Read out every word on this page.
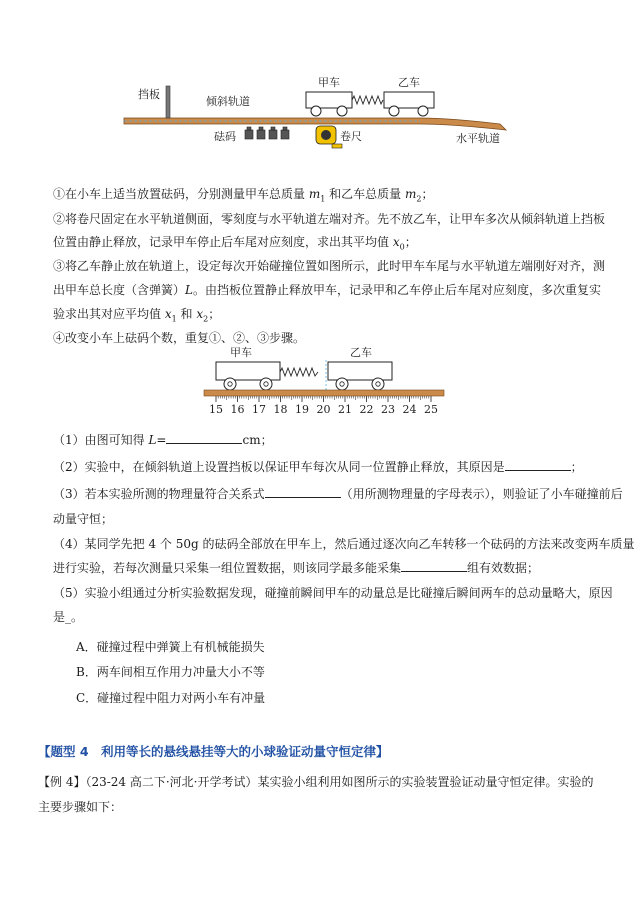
挡板
倾斜轨道
甲车	乙车
砝码	卷尺	水平轨道
①在小车上适当放置砝码，分别测量甲车总质量 $m_1$ 和乙车总质量 $m_2$；
②将卷尺固定在水平轨道侧面，零刻度与水平轨道左端对齐。先不放乙车，让甲车多次从倾斜轨道上挡板
位置由静止释放，记录甲车停止后车尾对应刻度，求出其平均值 $x_0$；
③将乙车静止放在轨道上，设定每次开始碰撞位置如图所示，此时甲车车尾与水平轨道左端刚好对齐，测
出甲车总长度（含弹簧）L。由挡板位置静止释放甲车，记录甲和乙车停止后车尾对应刻度，多次重复实
验求出其对应平均值 $x_1$ 和 $x_2$；
④改变小车上砝码个数，重复①、②、③步骤。
甲车	乙车
15 16 17 18 19 20 21 22 23 24 25
（1）由图可知得 L=	cm；
（2）实验中，在倾斜轨道上设置挡板以保证甲车每次从同一位置静止释放，其原因是	；
（3）若本实验所测的物理量符合关系式	（用所测物理量的字母表示），则验证了小车碰撞前后
动量守恒；
（4）某同学先把 4 个 50g 的砝码全部放在甲车上，然后通过逐次向乙车转移一个砝码的方法来改变两车质量
进行实验，若每次测量只采集一组位置数据，则该同学最多能采集	组有效数据；
（5）实验小组通过分析实验数据发现，碰撞前瞬间甲车的动量总是比碰撞后瞬间两车的总动量略大，原因
是_。
A．碰撞过程中弹簧上有机械能损失
B．两车间相互作用力冲量大小不等
C．碰撞过程中阻力对两小车有冲量
【题型 4　利用等长的悬线悬挂等大的小球验证动量守恒定律】
【例 4】（23-24 高二下·河北·开学考试）某实验小组利用如图所示的实验装置验证动量守恒定律。实验的
主要步骤如下：
